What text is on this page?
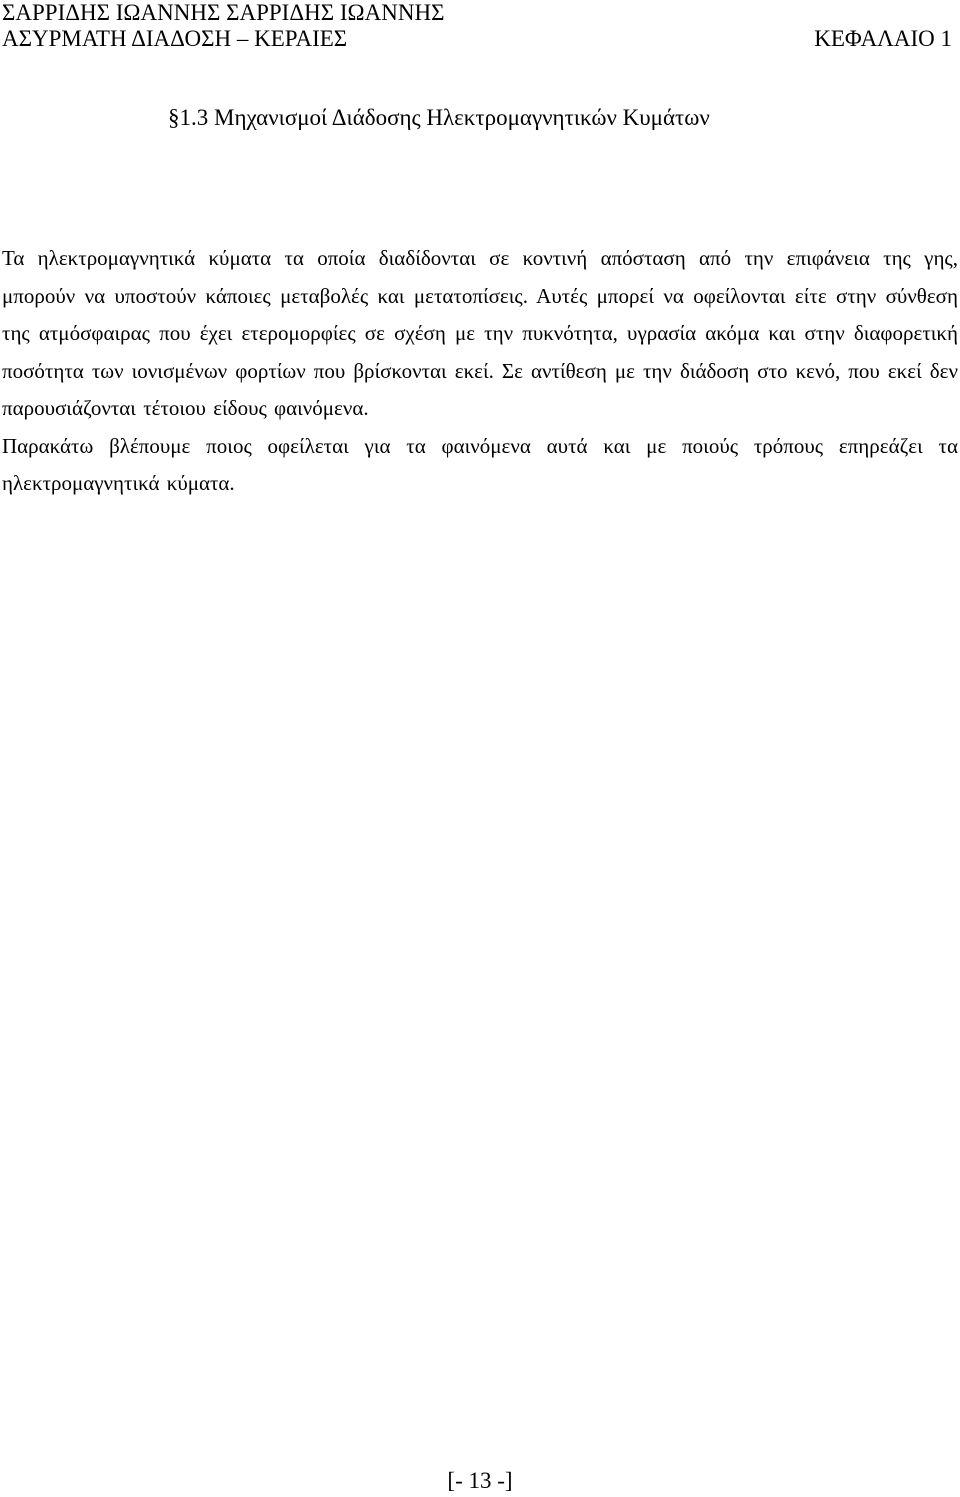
ΣΑΡΡΙΔΗΣ ΙΩΑΝΝΗΣ ΣΑΡΡΙΔΗΣ ΙΩΑΝΝΗΣ
ΑΣΥΡΜΑΤΗ ΔΙΑΔΟΣΗ – ΚΕΡΑΙΕΣ	ΚΕΦΑΛΑΙΟ 1
§1.3 Μηχανισμοί Διάδοσης Ηλεκτρομαγνητικών Κυμάτων

Τα ηλεκτρομαγνητικά κύματα τα οποία διαδίδονται σε κοντινή απόσταση από την επιφάνεια της γης, μπορούν να υποστούν κάποιες μεταβολές και μετατοπίσεις. Αυτές μπορεί να οφείλονται είτε στην σύνθεση της ατμόσφαιρας που έχει ετερομορφίες σε σχέση με την πυκνότητα, υγρασία ακόμα και στην διαφορετική ποσότητα των ιονισμένων φορτίων που βρίσκονται εκεί. Σε αντίθεση με την διάδοση στο κενό, που εκεί δεν παρουσιάζονται τέτοιου είδους φαινόμενα.

Παρακάτω βλέπουμε ποιος οφείλεται για τα φαινόμενα αυτά και με ποιούς τρόπους επηρεάζει τα ηλεκτρομαγνητικά κύματα.

[- 13 -]
